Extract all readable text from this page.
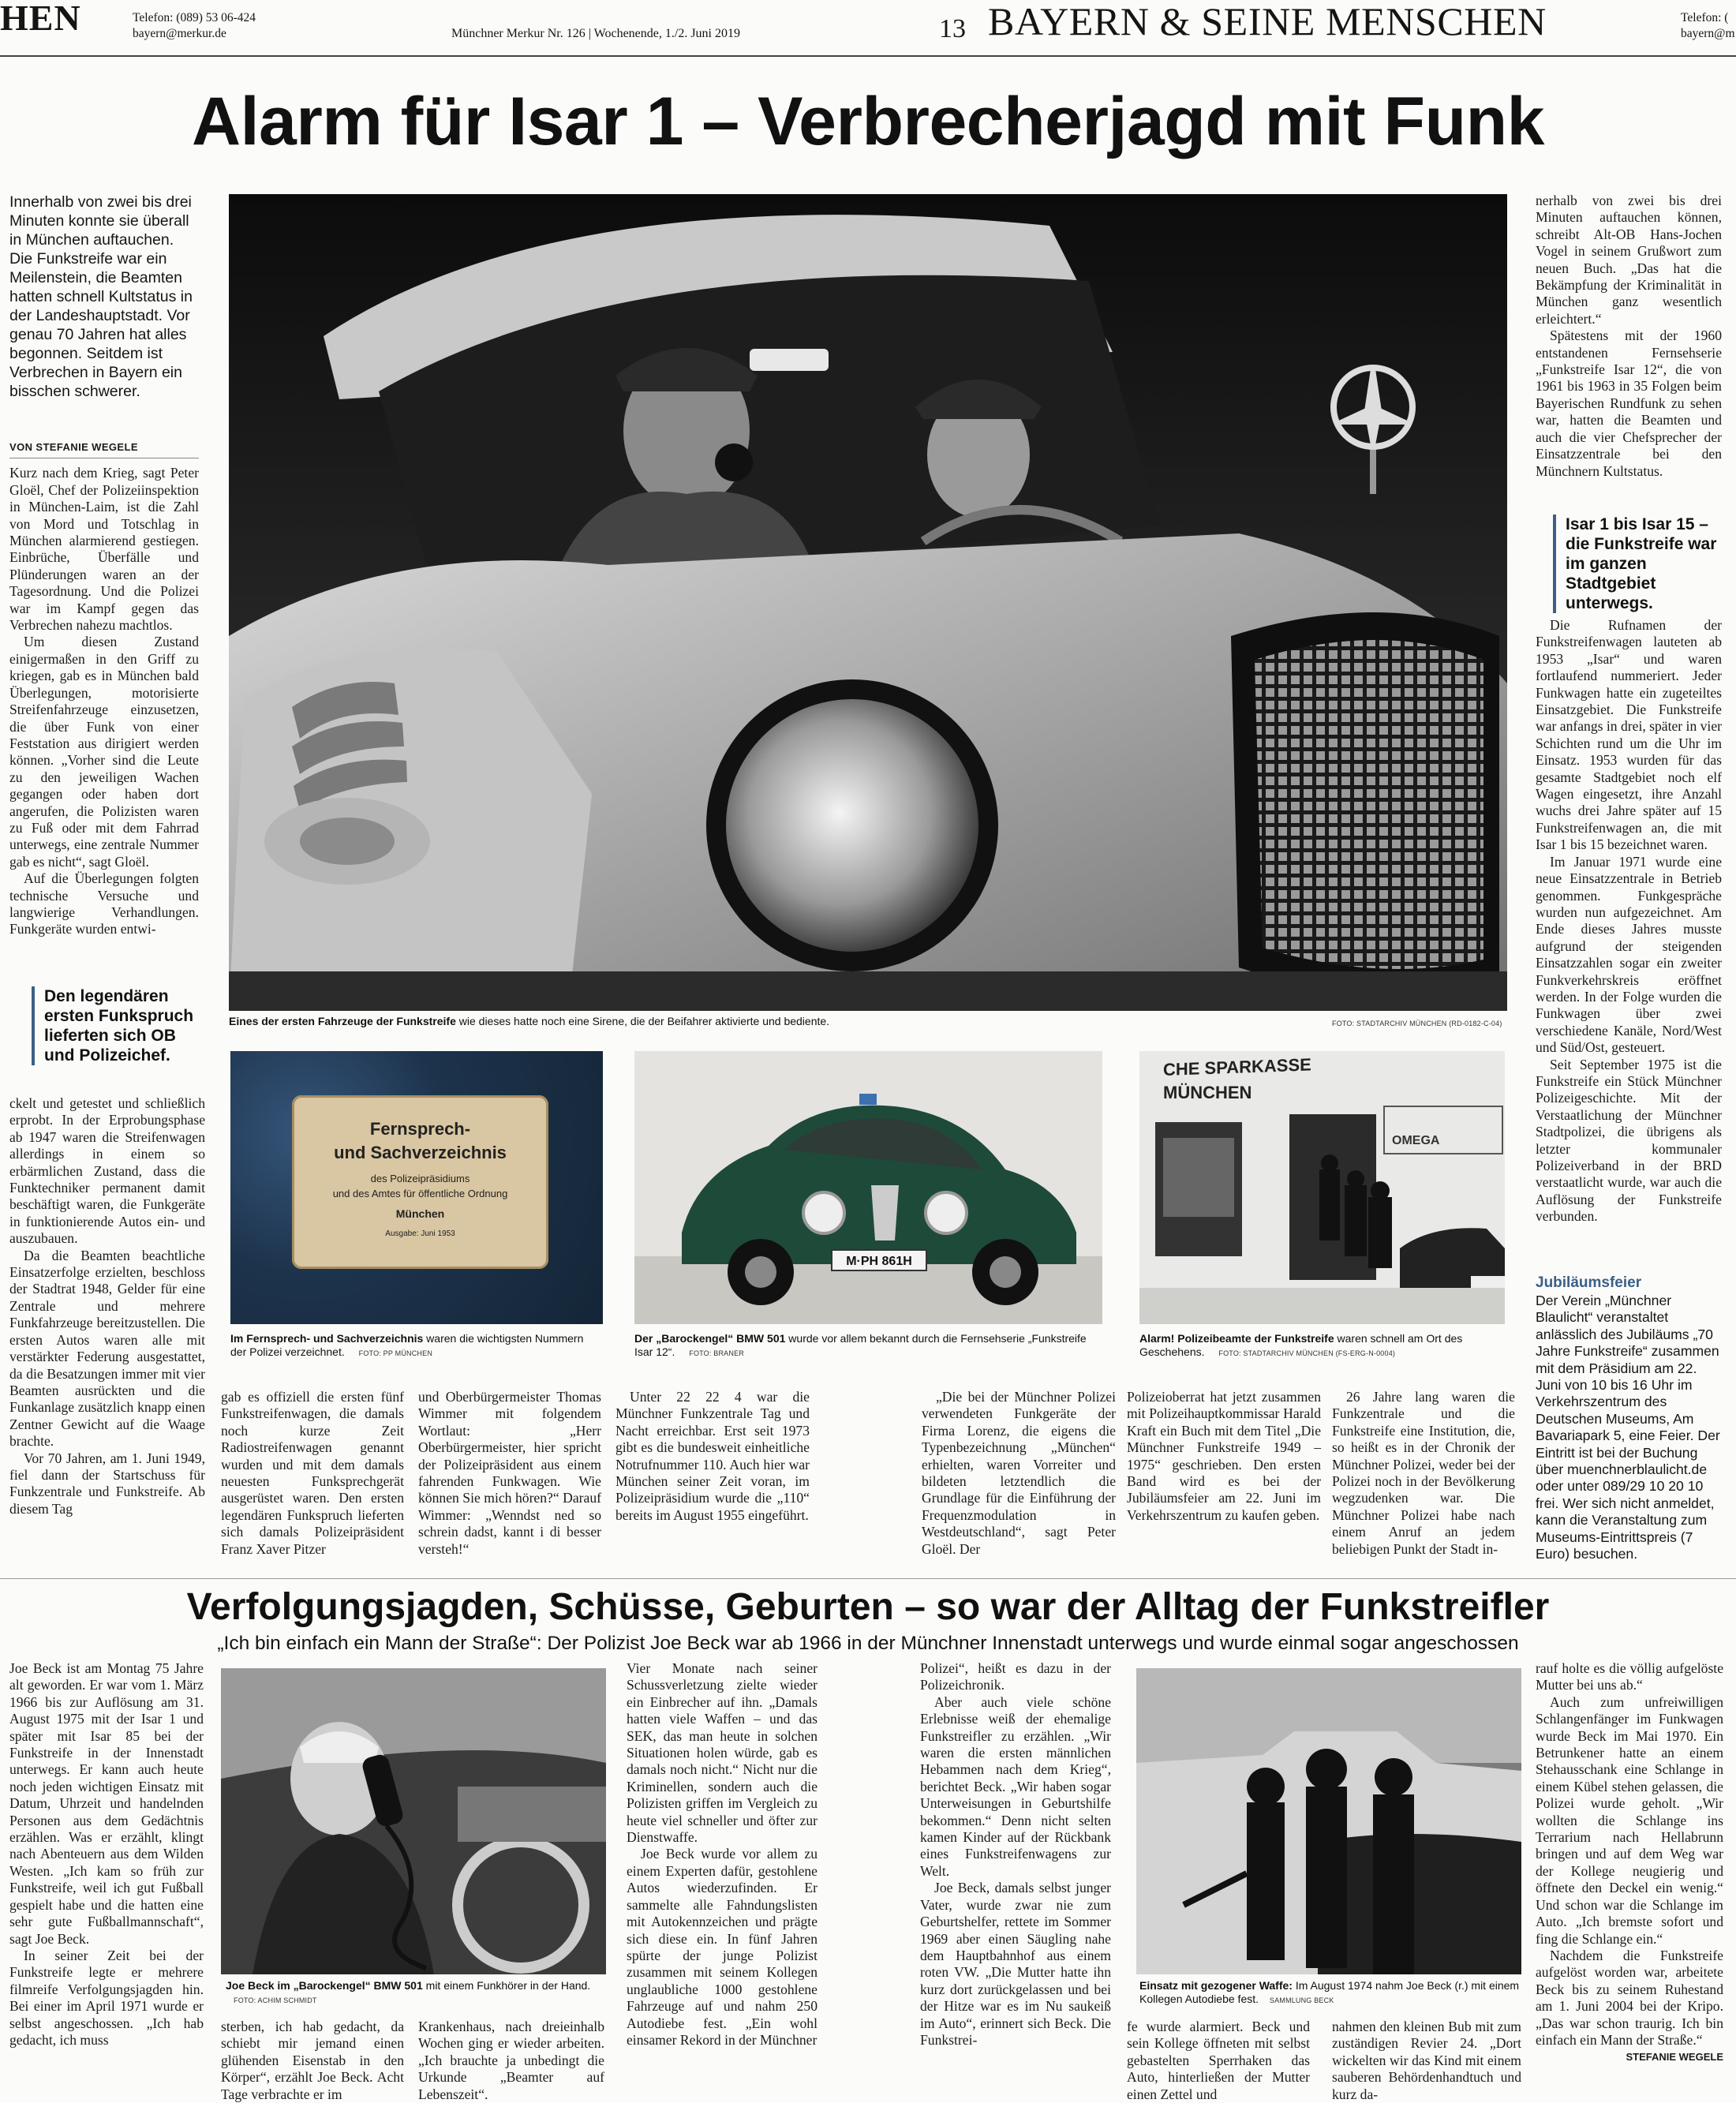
HEN	Telefon: (089) 53 06-424
bayern@merkur.de	Münchner Merkur Nr. 126 | Wochenende, 1./2. Juni 2019	13 BAYERN & SEINE MENSCHEN	Telefon: (
bayern@m
Alarm für Isar 1 – Verbrecherjagd mit Funk
Innerhalb von zwei bis drei Minuten konnte sie überall in München auftauchen. Die Funkstreife war ein Meilenstein, die Beamten hatten schnell Kultstatus in der Landeshauptstadt. Vor genau 70 Jahren hat alles begonnen. Seitdem ist Verbrechen in Bayern ein bisschen schwerer.
VON STEFANIE WEGELE

Kurz nach dem Krieg, sagt Peter Gloël, Chef der Polizeiinspektion in München-Laim, ist die Zahl von Mord und Totschlag in München alarmierend gestiegen. Einbrüche, Überfälle und Plünderungen waren an der Tagesordnung. Und die Polizei war im Kampf gegen das Verbrechen nahezu machtlos.

Um diesen Zustand einigermaßen in den Griff zu kriegen, gab es in München bald Überlegungen, motorisierte Streifenfahrzeuge einzusetzen, die über Funk von einer Feststation aus dirigiert werden können. „Vorher sind die Leute zu den jeweiligen Wachen gegangen oder haben dort angerufen, die Polizisten waren zu Fuß oder mit dem Fahrrad unterwegs, eine zentrale Nummer gab es nicht“, sagt Gloël.

Auf die Überlegungen folgten technische Versuche und langwierige Verhandlungen. Funkgeräte wurden entwi-

Den legendären ersten Funkspruch lieferten sich OB und Polizeichef.

ckelt und getestet und schließlich erprobt. In der Erprobungsphase ab 1947 waren die Streifenwagen allerdings in einem so erbärmlichen Zustand, dass die Funktechniker permanent damit beschäftigt waren, die Funkgeräte in funktionierende Autos ein- und auszubauen.

Da die Beamten beachtliche Einsatzerfolge erzielten, beschloss der Stadtrat 1948, Gelder für eine Zentrale und mehrere Funkfahrzeuge bereitzustellen. Die ersten Autos waren alle mit verstärkter Federung ausgestattet, da die Besatzungen immer mit vier Beamten ausrückten und die Funkanlage zusätzlich knapp einen Zentner Gewicht auf die Waage brachte.

Vor 70 Jahren, am 1. Juni 1949, fiel dann der Startschuss für Funkzentrale und Funkstreife. Ab diesem Tag

Eines der ersten Fahrzeuge der Funkstreife wie dieses hatte noch eine Sirene, die der Beifahrer aktivierte und bediente.	FOTO: STADTARCHIV MÜNCHEN (RD-0182-C-04)
Fernsprech-
und Sachverzeichnis
des Polizeipräsidiums
und des Amtes für öffentliche Ordnung
München
Ausgabe: Juni 1953
Im Fernsprech- und Sachverzeichnis waren die wichtigsten Nummern der Polizei verzeichnet. FOTO: PP MÜNCHEN
M·PH 861H
Der „Barockengel“ BMW 501 wurde vor allem bekannt durch die Fernsehserie „Funkstreife Isar 12“. FOTO: BRANER
CHE SPARKASSE
MÜNCHEN
OMEGA
Alarm! Polizeibeamte der Funkstreife waren schnell am Ort des Geschehens. FOTO: STADTARCHIV MÜNCHEN (FS-ERG-N-0004)

gab es offiziell die ersten fünf Funkstreifenwagen, die damals noch kurze Zeit Radiostreifenwagen genannt wurden und mit dem damals neuesten Funksprechgerät ausgerüstet waren. Den ersten legendären Funkspruch lieferten sich damals Polizeipräsident Franz Xaver Pitzer

und Oberbürgermeister Thomas Wimmer mit folgendem Wortlaut: „Herr Oberbürgermeister, hier spricht der Polizeipräsident aus einem fahrenden Funkwagen. Wie können Sie mich hören?“ Darauf Wimmer: „Wenndst ned so schrein dadst, kannt i di besser versteh!“

Unter 22 22 4 war die Münchner Funkzentrale Tag und Nacht erreichbar. Erst seit 1973 gibt es die bundesweit einheitliche Notrufnummer 110. Auch hier war München seiner Zeit voran, im Polizeipräsidium wurde die „110“ bereits im August 1955 eingeführt.

„Die bei der Münchner Polizei verwendeten Funkgeräte der Firma Lorenz, die eigens die Typenbezeichnung „München“ erhielten, waren Vorreiter und bildeten letztendlich die Grundlage für die Einführung der Frequenzmodulation in Westdeutschland“, sagt Peter Gloël. Der

Polizeioberrat hat jetzt zusammen mit Polizeihauptkommissar Harald Kraft ein Buch mit dem Titel „Die Münchner Funkstreife 1949 – 1975“ geschrieben. Den ersten Band wird es bei der Jubiläumsfeier am 22. Juni im Verkehrszentrum zu kaufen geben.

26 Jahre lang waren die Funkzentrale und die Funkstreife eine Institution, die, so heißt es in der Chronik der Münchner Polizei, weder bei der Polizei noch in der Bevölkerung wegzudenken war. Die Münchner Polizei habe nach einem Anruf an jedem beliebigen Punkt der Stadt in-

nerhalb von zwei bis drei Minuten auftauchen können, schreibt Alt-OB Hans-Jochen Vogel in seinem Grußwort zum neuen Buch. „Das hat die Bekämpfung der Kriminalität in München ganz wesentlich erleichtert.“

Spätestens mit der 1960 entstandenen Fernsehserie „Funkstreife Isar 12“, die von 1961 bis 1963 in 35 Folgen beim Bayerischen Rundfunk zu sehen war, hatten die Beamten und auch die vier Chefsprecher der Einsatzzentrale bei den Münchnern Kultstatus.

Isar 1 bis Isar 15 – die Funkstreife war im ganzen Stadtgebiet unterwegs.

Die Rufnamen der Funkstreifenwagen lauteten ab 1953 „Isar“ und waren fortlaufend nummeriert. Jeder Funkwagen hatte ein zugeteiltes Einsatzgebiet. Die Funkstreife war anfangs in drei, später in vier Schichten rund um die Uhr im Einsatz. 1953 wurden für das gesamte Stadtgebiet noch elf Wagen eingesetzt, ihre Anzahl wuchs drei Jahre später auf 15 Funkstreifenwagen an, die mit Isar 1 bis 15 bezeichnet waren.

Im Januar 1971 wurde eine neue Einsatzzentrale in Betrieb genommen. Funkgespräche wurden nun aufgezeichnet. Am Ende dieses Jahres musste aufgrund der steigenden Einsatzzahlen sogar ein zweiter Funkverkehrskreis eröffnet werden. In der Folge wurden die Funkwagen über zwei verschiedene Kanäle, Nord/West und Süd/Ost, gesteuert.

Seit September 1975 ist die Funkstreife ein Stück Münchner Polizeigeschichte. Mit der Verstaatlichung der Münchner Stadtpolizei, die übrigens als letzter kommunaler Polizeiverband in der BRD verstaatlicht wurde, war auch die Auflösung der Funkstreife verbunden.

Jubiläumsfeier
Der Verein „Münchner Blaulicht“ veranstaltet anlässlich des Jubiläums „70 Jahre Funkstreife“ zusammen mit dem Präsidium am 22. Juni von 10 bis 16 Uhr im Verkehrszentrum des Deutschen Museums, Am Bavariapark 5, eine Feier. Der Eintritt ist bei der Buchung über muenchnerblaulicht.de oder unter 089/29 10 20 10 frei. Wer sich nicht anmeldet, kann die Veranstaltung zum Museums-Eintrittspreis (7 Euro) besuchen.
Verfolgungsjagden, Schüsse, Geburten – so war der Alltag der Funkstreifler
„Ich bin einfach ein Mann der Straße“: Der Polizist Joe Beck war ab 1966 in der Münchner Innenstadt unterwegs und wurde einmal sogar angeschossen

Joe Beck ist am Montag 75 Jahre alt geworden. Er war vom 1. März 1966 bis zur Auflösung am 31. August 1975 mit der Isar 1 und später mit Isar 85 bei der Funkstreife in der Innenstadt unterwegs. Er kann auch heute noch jeden wichtigen Einsatz mit Datum, Uhrzeit und handelnden Personen aus dem Gedächtnis erzählen. Was er erzählt, klingt nach Abenteuern aus dem Wilden Westen. „Ich kam so früh zur Funkstreife, weil ich gut Fußball gespielt habe und die hatten eine sehr gute Fußballmannschaft“, sagt Joe Beck.

In seiner Zeit bei der Funkstreife legte er mehrere filmreife Verfolgungsjagden hin. Bei einer im April 1971 wurde er selbst angeschossen. „Ich hab gedacht, ich muss

Joe Beck im „Barockengel“ BMW 501 mit einem Funkhörer in der Hand. FOTO: ACHIM SCHMIDT

sterben, ich hab gedacht, da schiebt mir jemand einen glühenden Eisenstab in den Körper“, erzählt Joe Beck. Acht Tage verbrachte er im

Krankenhaus, nach dreieinhalb Wochen ging er wieder arbeiten. „Ich brauchte ja unbedingt die Urkunde „Beamter auf Lebenszeit“.

Vier Monate nach seiner Schussverletzung zielte wieder ein Einbrecher auf ihn. „Damals hatten viele Waffen – und das SEK, das man heute in solchen Situationen holen würde, gab es damals noch nicht.“ Nicht nur die Kriminellen, sondern auch die Polizisten griffen im Vergleich zu heute viel schneller und öfter zur Dienstwaffe.

Joe Beck wurde vor allem zu einem Experten dafür, gestohlene Autos wiederzufinden. Er sammelte alle Fahndungslisten mit Autokennzeichen und prägte sich diese ein. In fünf Jahren spürte der junge Polizist zusammen mit seinem Kollegen unglaubliche 1000 gestohlene Fahrzeuge auf und nahm 250 Autodiebe fest. „Ein wohl einsamer Rekord in der Münchner

Polizei“, heißt es dazu in der Polizeichronik.

Aber auch viele schöne Erlebnisse weiß der ehemalige Funkstreifler zu erzählen. „Wir waren die ersten männlichen Hebammen nach dem Krieg“, berichtet Beck. „Wir haben sogar Unterweisungen in Geburtshilfe bekommen.“ Denn nicht selten kamen Kinder auf der Rückbank eines Funkstreifenwagens zur Welt.

Joe Beck, damals selbst junger Vater, wurde zwar nie zum Geburtshelfer, rettete im Sommer 1969 aber einen Säugling nahe dem Hauptbahnhof aus einem roten VW. „Die Mutter hatte ihn kurz dort zurückgelassen und bei der Hitze war es im Nu saukeiß im Auto“, erinnert sich Beck. Die Funkstrei-

Einsatz mit gezogener Waffe: Im August 1974 nahm Joe Beck (r.) mit einem Kollegen Autodiebe fest. SAMMLUNG BECK

fe wurde alarmiert. Beck und sein Kollege öffneten mit selbst gebastelten Sperrhaken das Auto, hinterließen der Mutter einen Zettel und

nahmen den kleinen Bub mit zum zuständigen Revier 24. „Dort wickelten wir das Kind mit einem sauberen Behördenhandtuch und kurz da-

rauf holte es die völlig aufgelöste Mutter bei uns ab.“

Auch zum unfreiwilligen Schlangenfänger im Funkwagen wurde Beck im Mai 1970. Ein Betrunkener hatte an einem Stehausschank eine Schlange in einem Kübel stehen gelassen, die Polizei wurde geholt. „Wir wollten die Schlange ins Terrarium nach Hellabrunn bringen und auf dem Weg war der Kollege neugierig und öffnete den Deckel ein wenig.“ Und schon war die Schlange im Auto. „Ich bremste sofort und fing die Schlange ein.“

Nachdem die Funkstreife aufgelöst worden war, arbeitete Beck bis zu seinem Ruhestand am 1. Juni 2004 bei der Kripo. „Das war schon traurig. Ich bin einfach ein Mann der Straße.“

STEFANIE WEGELE
